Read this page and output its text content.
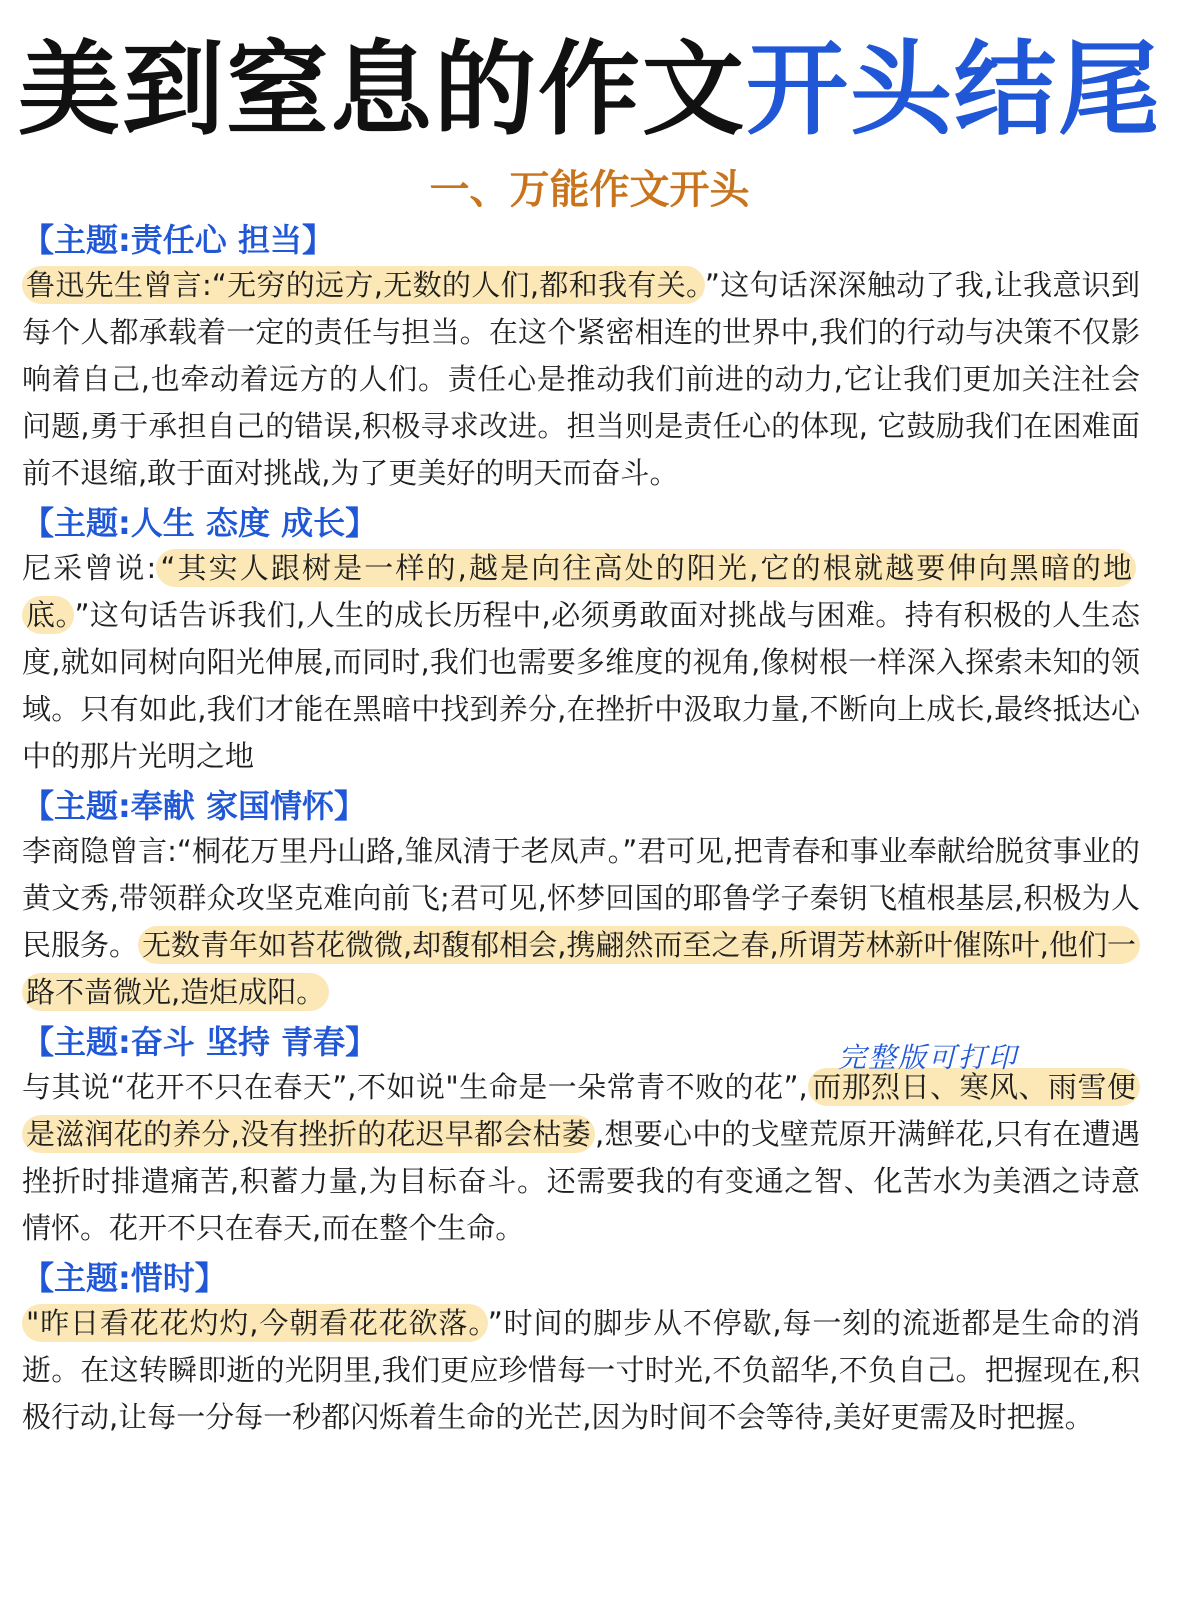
美到窒息的作文开头结尾
一、万能作文开头

【主题:责任心 担当】

鲁迅先生曾言:“无穷的远方,无数的人们,都和我有关。 ”这句话深深触动了我,让我意识到每个人都承载着一定的责任与担当。在这个紧密相连的世界中,我们的行动与决策不仅影响着自己,也牵动着远方的人们。责任心是推动我们前进的动力,它让我们更加关注社会问题,勇于承担自己的错误,积极寻求改进。担当则是责任心的体现, 它鼓励我们在困难面前不退缩,敢于面对挑战,为了更美好的明天而奋斗。

【主题:人生 态度 成长】

尼采曾说: “其实人跟树是一样的,越是向往高处的阳光,它的根就越要伸向黑暗的地底。 ”这句话告诉我们,人生的成长历程中,必须勇敢面对挑战与困难。持有积极的人生态度,就如同树向阳光伸展,而同时,我们也需要多维度的视角,像树根一样深入探索未知的领域。只有如此,我们才能在黑暗中找到养分,在挫折中汲取力量,不断向上成长,最终抵达心中的那片光明之地

【主题:奉献 家国情怀】

李商隐曾言:“桐花万里丹山路,雏凤清于老凤声。”君可见,把青春和事业奉献给脱贫事业的黄文秀,带领群众攻坚克难向前飞;君可见,怀梦回国的耶鲁学子秦钥飞植根基层,积极为人民服务。 无数青年如苔花微微,却馥郁相会,携翩然而至之春,所谓芳林新叶催陈叶,他们一路不啬微光,造炬成阳。

【主题:奋斗 坚持 青春】

与其说“花开不只在春天”,不如说"生命是一朵常青不败的花”, 而那烈日、寒风、雨雪便是滋润花的养分,没有挫折的花迟早都会枯萎 ,想要心中的戈壁荒原开满鲜花,只有在遭遇挫折时排遣痛苦,积蓄力量,为目标奋斗。还需要我的有变通之智、化苦水为美酒之诗意情怀。花开不只在春天,而在整个生命。

【主题:惜时】

"昨日看花花灼灼,今朝看花花欲落。 ”时间的脚步从不停歇,每一刻的流逝都是生命的消逝。在这转瞬即逝的光阴里,我们更应珍惜每一寸时光,不负韶华,不负自己。把握现在,积极行动,让每一分每一秒都闪烁着生命的光芒,因为时间不会等待,美好更需及时把握。

完整版可打印
